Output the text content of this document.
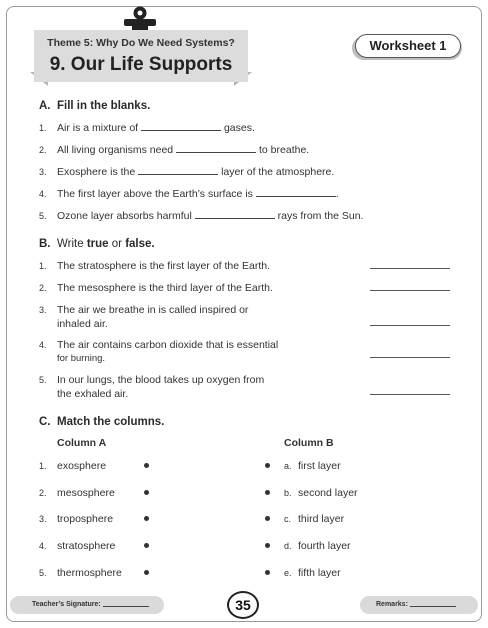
Theme 5: Why Do We Need Systems?
9. Our Life Supports
Worksheet 1
A. Fill in the blanks.
1. Air is a mixture of	gases.
2. All living organisms need	to breathe.
3. Exosphere is the	layer of the atmosphere.
4. The first layer above the Earth’s surface is	.
5. Ozone layer absorbs harmful	rays from the Sun.
B. Write true or false.
1. The stratosphere is the first layer of the Earth.
2. The mesosphere is the third layer of the Earth.
3. The air we breathe in is called inspired or
inhaled air.
4. The air contains carbon dioxide that is essential
for burning.
5. In our lungs, the blood takes up oxygen from
the exhaled air.
C. Match the columns.
Column A	Column B
1. exosphere	a. first layer
2. mesosphere	b. second layer
3. troposphere	c. third layer
4. stratosphere	d. fourth layer
5. thermosphere	e. fifth layer
Teacher’s Signature:	35	Remarks:
